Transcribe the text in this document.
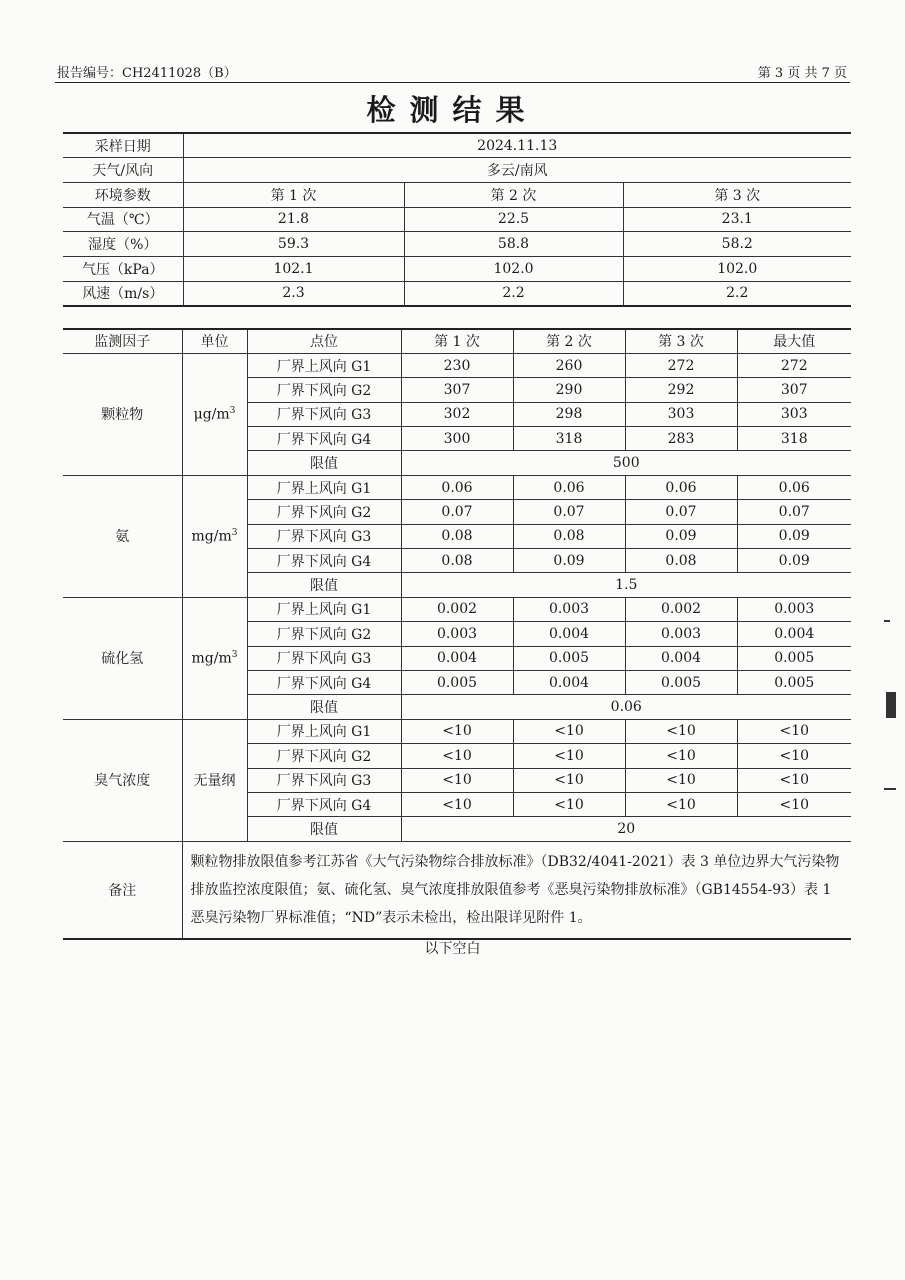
报告编号：CH2411028（B）	第 3 页 共 7 页
检测结果
采样日期	2024.11.13		
天气/风向	多云/南风		
环境参数	第 1 次	第 2 次	第 3 次
气温（℃）	21.8	22.5	23.1
湿度（%）	59.3	58.8	58.2
气压（kPa）	102.1	102.0	102.0
风速（m/s）	2.3	2.2	2.2
监测因子	单位	点位	第 1 次	第 2 次	第 3 次	最大值
颗粒物	$\mu g/m^3$	厂界上风向 G1	230	260	272	272
		厂界下风向 G2	307	290	292	307
		厂界下风向 G3	302	298	303	303
		厂界下风向 G4	300	318	283	318
		限值	500			
氨	$mg/m^3$	厂界上风向 G1	0.06	0.06	0.06	0.06
		厂界下风向 G2	0.07	0.07	0.07	0.07
		厂界下风向 G3	0.08	0.08	0.09	0.09
		厂界下风向 G4	0.08	0.09	0.08	0.09
		限值	1.5			
硫化氢	$mg/m^3$	厂界上风向 G1	0.002	0.003	0.002	0.003
		厂界下风向 G2	0.003	0.004	0.003	0.004
		厂界下风向 G3	0.004	0.005	0.004	0.005
		厂界下风向 G4	0.005	0.004	0.005	0.005
		限值	0.06			
臭气浓度	无量纲	厂界上风向 G1	<10	<10	<10	<10
		厂界下风向 G2	<10	<10	<10	<10
		厂界下风向 G3	<10	<10	<10	<10
		厂界下风向 G4	<10	<10	<10	<10
		限值	20			
备注	颗粒物排放限值参考江苏省《大气污染物综合排放标准》（DB32/4041-2021）表 3 单位边界大气污染物排放监控浓度限值；氨、硫化氢、臭气浓度排放限值参考《恶臭污染物排放标准》（GB14554-93）表 1 恶臭污染物厂界标准值；“ND”表示未检出，检出限详见附件 1。					
以下空白
